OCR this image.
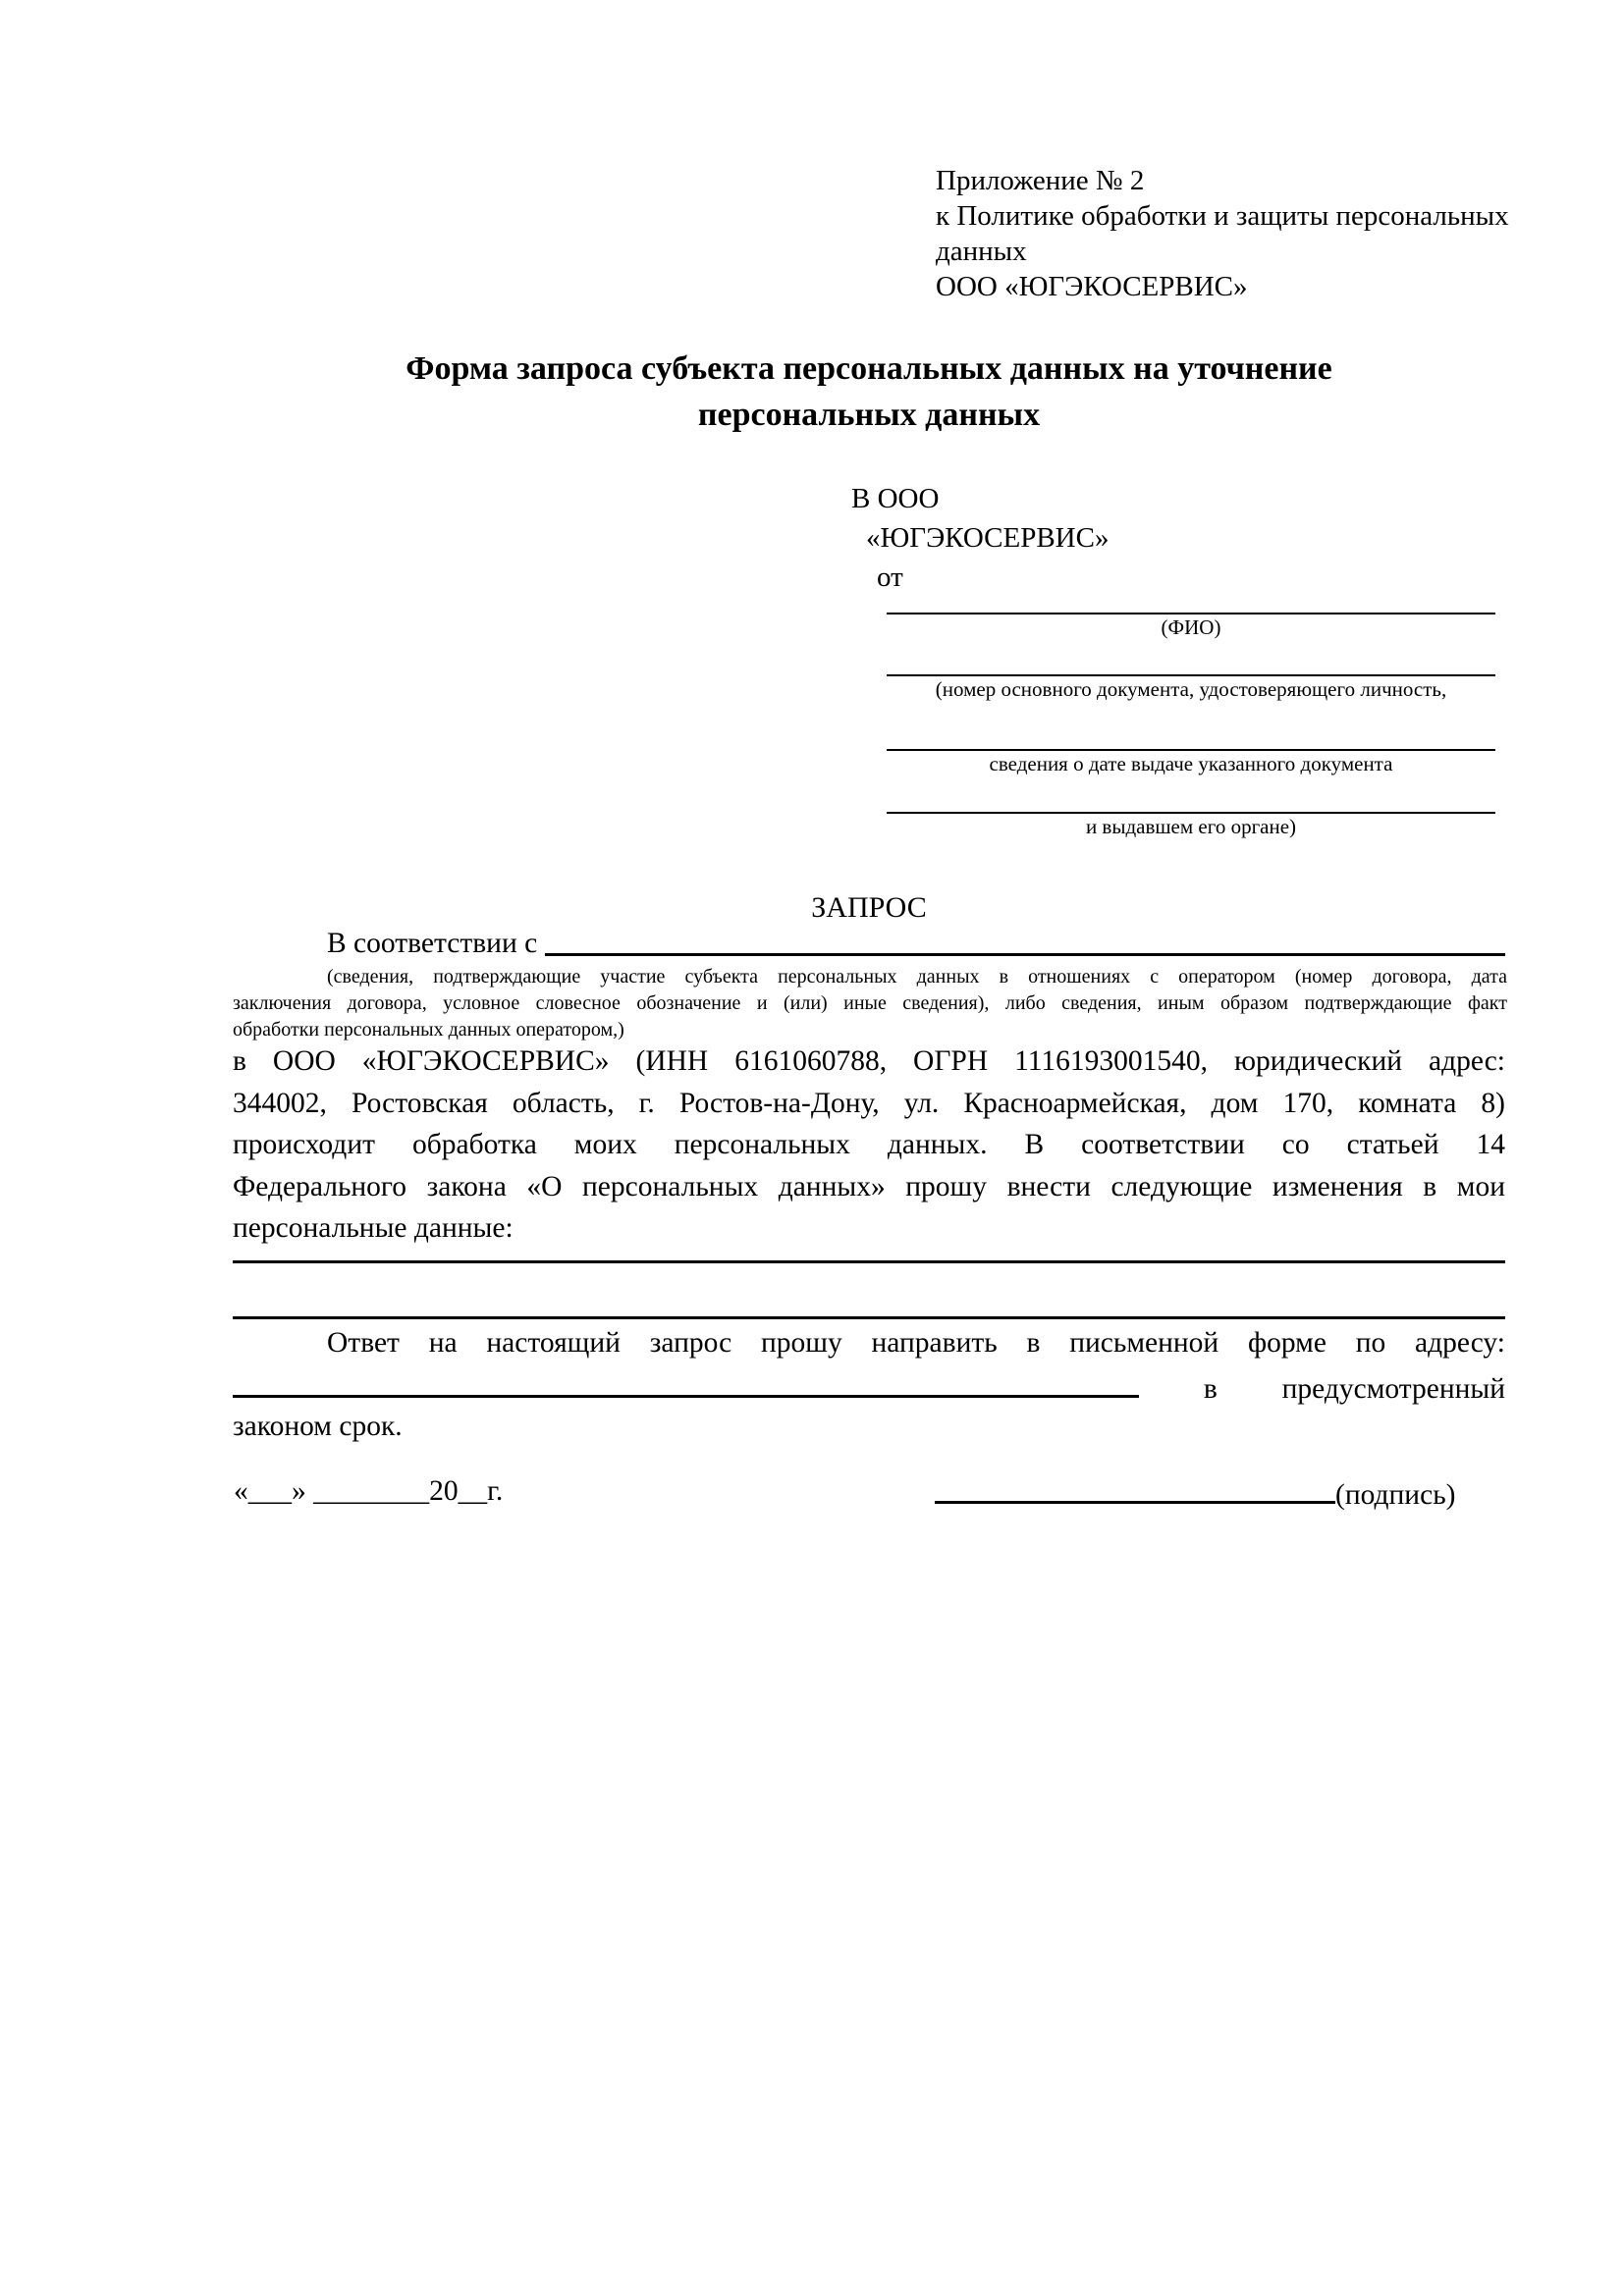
Приложение № 2
к Политике обработки и защиты персональных
данных
ООО «ЮГЭКОСЕРВИС»
Форма запроса субъекта персональных данных на уточнение персональных данных
В ООО
«ЮГЭКОСЕРВИС»
от
(ФИО)
(номер основного документа, удостоверяющего личность,
сведения о дате выдаче указанного документа
и выдавшем его органе)
ЗАПРОС
В соответствии с
(сведения, подтверждающие участие субъекта персональных данных в отношениях с оператором (номер договора, дата
заключения договора, условное словесное обозначение и (или) иные сведения), либо сведения, иным образом подтверждающие факт
обработки персональных данных оператором,)
в ООО «ЮГЭКОСЕРВИС» (ИНН 6161060788, ОГРН 1116193001540, юридический адрес:
344002, Ростовская область, г. Ростов-на-Дону, ул. Красноармейская, дом 170, комната 8)
происходит обработка моих персональных данных. В соответствии со статьей 14
Федерального закона «О персональных данных» прошу внести следующие изменения в мои
персональные данные:
Ответ на настоящий запрос прошу направить в письменной форме по адресу:
в предусмотренный
законом срок.
«___» ________20__г.	(подпись)
